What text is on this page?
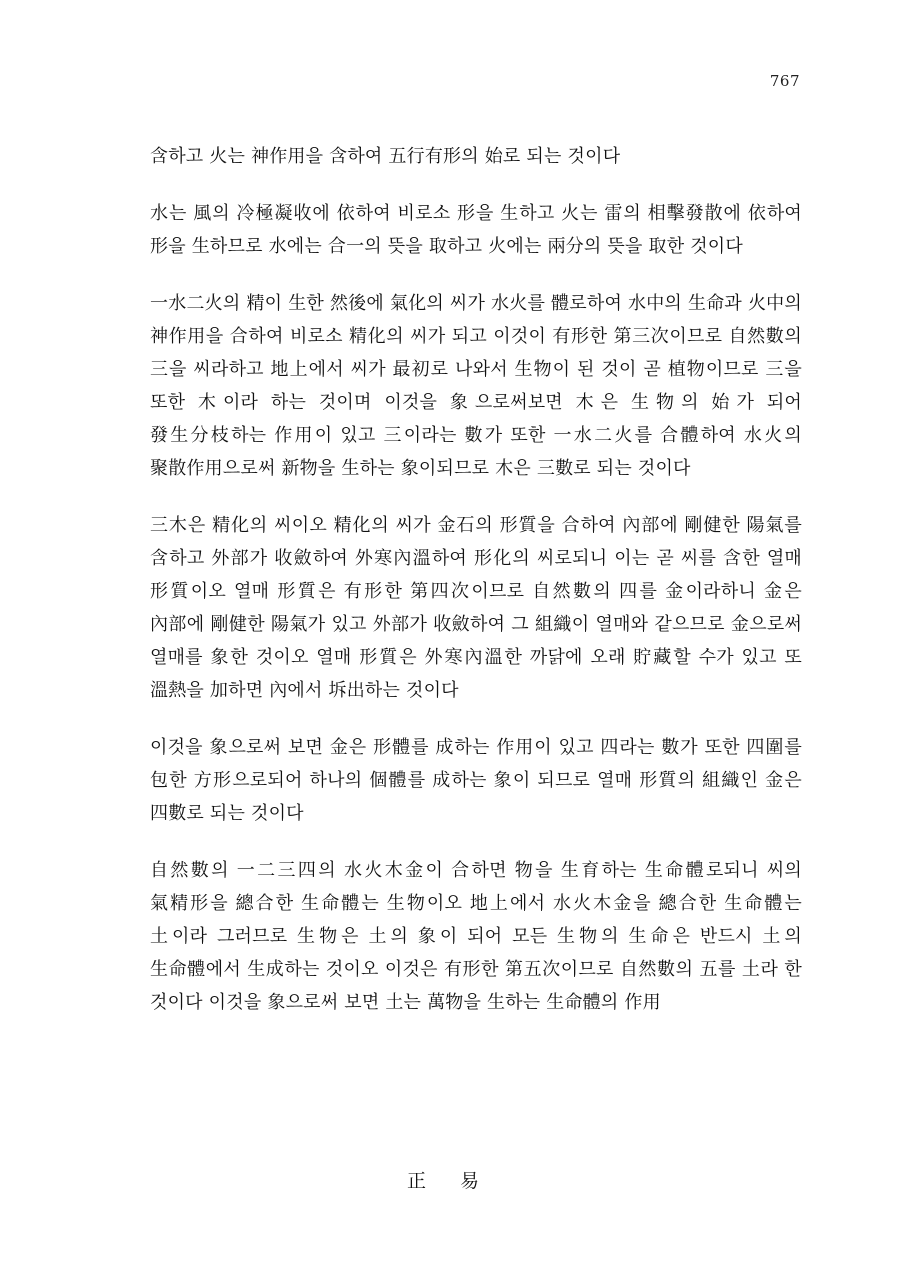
767

含하고 火는 神作用을 含하여 五行有形의 始로 되는 것이다

水는 風의 冷極凝收에 依하여 비로소 形을 生하고 火는 雷의 相擊發散에 依하여 形을 生하므로 水에는 合一의 뜻을 取하고 火에는 兩分의 뜻을 取한 것이다

一水二火의 精이 生한 然後에 氣化의 씨가 水火를 體로하여 水中의 生命과 火中의 神作用을 合하여 비로소 精化의 씨가 되고 이것이 有形한 第三次이므로 自然數의 三을 씨라하고 地上에서 씨가 最初로 나와서 生物이 된 것이 곧 植物이므로 三을 또한 木이라 하는 것이며 이것을 象으로써보면 木은 生物의 始가 되어 發生分枝하는 作用이 있고 三이라는 數가 또한 一水二火를 合體하여 水火의 聚散作用으로써 新物을 生하는 象이되므로 木은 三數로 되는 것이다

三木은 精化의 씨이오 精化의 씨가 金石의 形質을 合하여 內部에 剛健한 陽氣를 含하고 外部가 收斂하여 外寒內溫하여 形化의 씨로되니 이는 곧 씨를 含한 열매 形質이오 열매 形質은 有形한 第四次이므로 自然數의 四를 金이라하니 金은 內部에 剛健한 陽氣가 있고 外部가 收斂하여 그 組織이 열매와 같으므로 金으로써 열매를 象한 것이오 열매 形質은 外寒內溫한 까닭에 오래 貯藏할 수가 있고 또 溫熱을 加하면 內에서 坼出하는 것이다

이것을 象으로써 보면 金은 形體를 成하는 作用이 있고 四라는 數가 또한 四圍를 包한 方形으로되어 하나의 個體를 成하는 象이 되므로 열매 形質의 組織인 金은 四數로 되는 것이다

自然數의 一二三四의 水火木金이 合하면 物을 生育하는 生命體로되니 씨의 氣精形을 總合한 生命體는 生物이오 地上에서 水火木金을 總合한 生命體는 土이라 그러므로 生物은 土의 象이 되어 모든 生物의 生命은 반드시 土의 生命體에서 生成하는 것이오 이것은 有形한 第五次이므로 自然數의 五를 土라 한 것이다 이것을 象으로써 보면 土는 萬物을 生하는 生命體의 作用

正 易
